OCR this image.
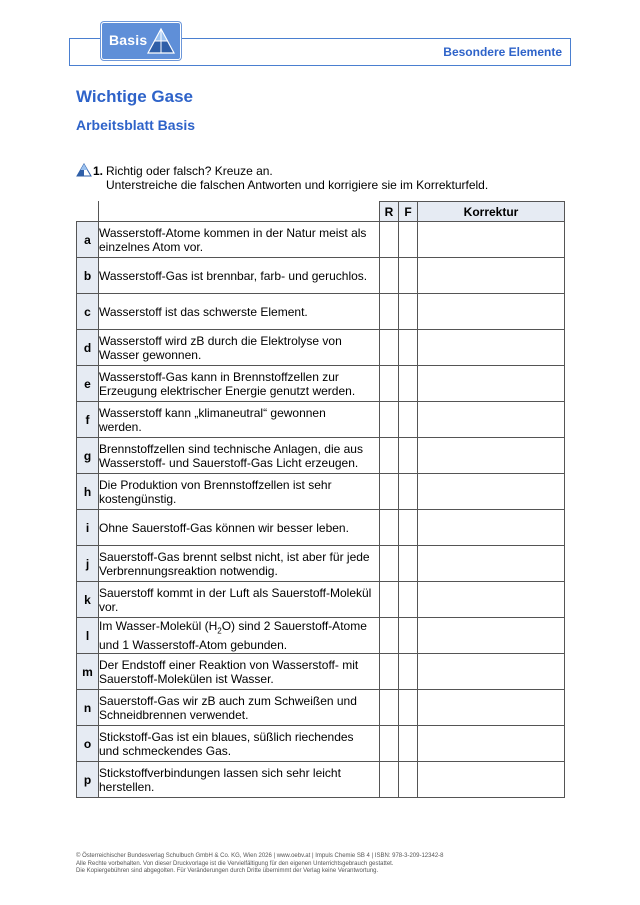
Besondere Elemente
Basis
Wichtige Gase
Arbeitsblatt Basis
1. Richtig oder falsch? Kreuze an.
Unterstreiche die falschen Antworten und korrigiere sie im Korrekturfeld.
		R	F	Korrektur
a	Wasserstoff-Atome kommen in der Natur meist als
einzelnes Atom vor.			
b	Wasserstoff-Gas ist brennbar, farb- und geruchlos.			
c	Wasserstoff ist das schwerste Element.			
d	Wasserstoff wird zB durch die Elektrolyse von
Wasser gewonnen.			
e	Wasserstoff-Gas kann in Brennstoffzellen zur
Erzeugung elektrischer Energie genutzt werden.			
f	Wasserstoff kann „klimaneutral“ gewonnen
werden.			
g	Brennstoffzellen sind technische Anlagen, die aus
Wasserstoff- und Sauerstoff-Gas Licht erzeugen.			
h	Die Produktion von Brennstoffzellen ist sehr
kostengünstig.			
i	Ohne Sauerstoff-Gas können wir besser leben.			
j	Sauerstoff-Gas brennt selbst nicht, ist aber für jede
Verbrennungsreaktion notwendig.			
k	Sauerstoff kommt in der Luft als Sauerstoff-Molekül
vor.			
l	Im Wasser-Molekül $(H_2O)$ sind 2 Sauerstoff-Atome
und 1 Wasserstoff-Atom gebunden.			
m	Der Endstoff einer Reaktion von Wasserstoff- mit
Sauerstoff-Molekülen ist Wasser.			
n	Sauerstoff-Gas wir zB auch zum Schweißen und
Schneidbrennen verwendet.			
o	Stickstoff-Gas ist ein blaues, süßlich riechendes
und schmeckendes Gas.			
p	Stickstoffverbindungen lassen sich sehr leicht
herstellen.			
© Österreichischer Bundesverlag Schulbuch GmbH & Co. KG, Wien 2026 | www.oebv.at | Impuls Chemie SB 4 | ISBN: 978-3-209-12342-8
Alle Rechte vorbehalten. Von dieser Druckvorlage ist die Vervielfältigung für den eigenen Unterrichtsgebrauch gestattet.
Die Kopiergebühren sind abgegolten. Für Veränderungen durch Dritte übernimmt der Verlag keine Verantwortung.
